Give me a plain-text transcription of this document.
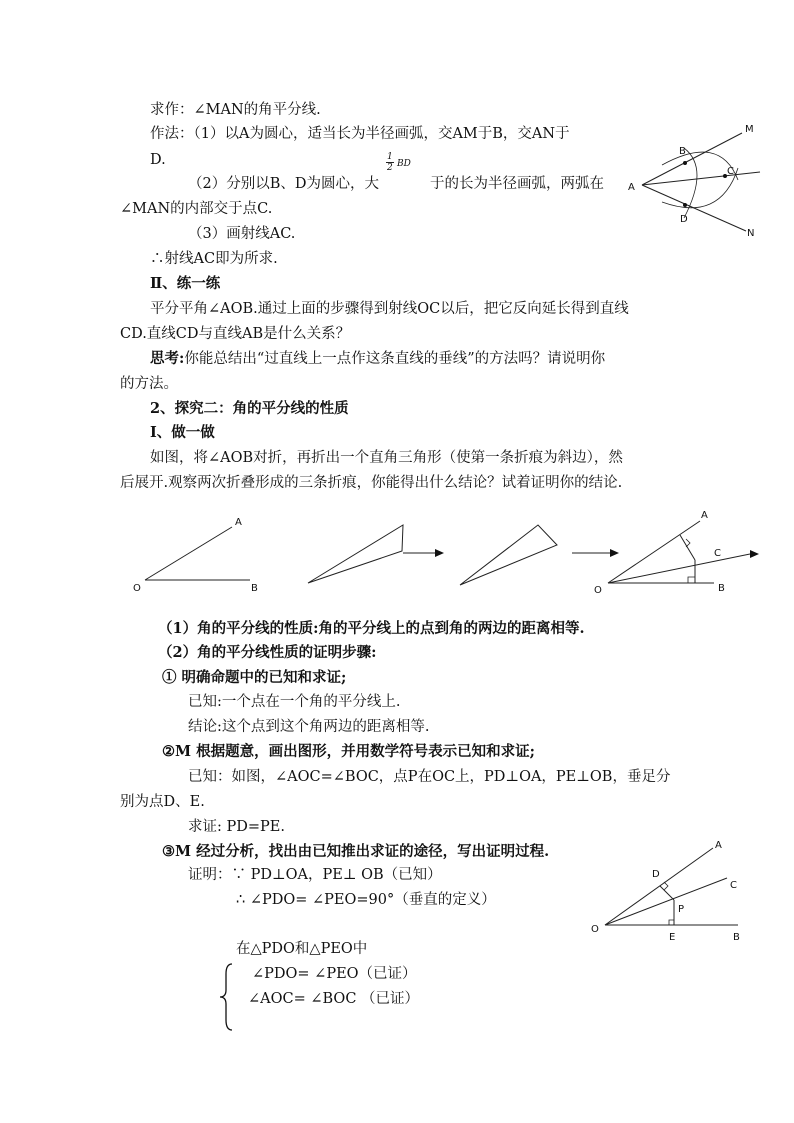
求作：∠MAN的角平分线.
作法：（1）以A为圆心，适当长为半径画弧，交AM于B，交AN于
D.
（2）分别以B、D为圆心，大
$\frac{1}{2}$ BD
于的长为半径画弧，两弧在
∠MAN的内部交于点C.
（3）画射线AC.
∴射线AC即为所求.
M
B
C
A
D
N
Ⅱ、练一练
平分平角∠AOB.通过上面的步骤得到射线OC以后，把它反向延长得到直线
CD.直线CD与直线AB是什么关系？
思考:你能总结出“过直线上一点作这条直线的垂线”的方法吗？请说明你
的方法。
2、探究二：角的平分线的性质
Ⅰ、做一做
如图，将∠AOB对折，再折出一个直角三角形（使第一条折痕为斜边），然
后展开.观察两次折叠形成的三条折痕，你能得出什么结论？试着证明你的结论.
A
O	B
A
C
O	B
（1）角的平分线的性质:角的平分线上的点到角的两边的距离相等.
（2）角的平分线性质的证明步骤:
① 明确命题中的已知和求证;
已知:一个点在一个角的平分线上.
结论:这个点到这个角两边的距离相等.
②M 根据题意，画出图形，并用数学符号表示已知和求证;
已知：如图，∠AOC=∠BOC，点P在OC上，PD⊥OA，PE⊥OB，垂足分
别为点D、E.
求证: PD=PE.
③M 经过分析，找出由已知推出求证的途径，写出证明过程.
证明：∵ PD⊥OA，PE⊥ OB（已知）
∴ ∠PDO= ∠PEO=90°（垂直的定义）
在△PDO和△PEO中
∠PDO= ∠PEO（已证）
∠AOC= ∠BOC （已证）
A
D
C
P
O
E	B
